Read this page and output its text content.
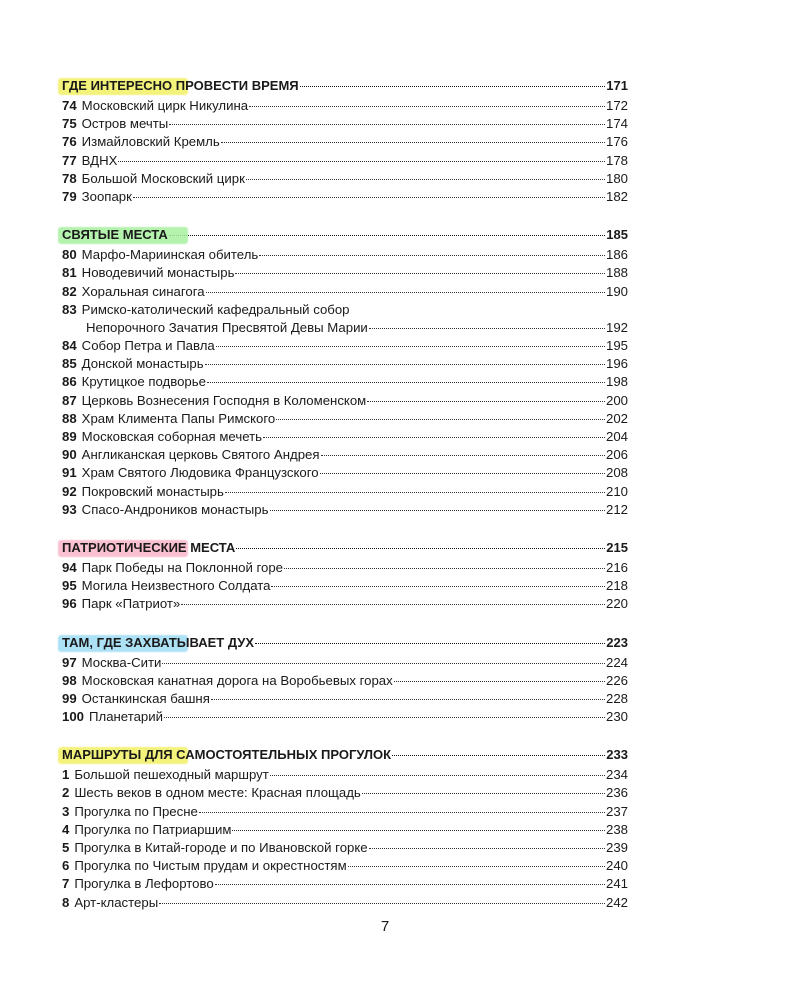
ГДЕ ИНТЕРЕСНО ПРОВЕСТИ ВРЕМЯ	171
74 Московский цирк Никулина	172
75 Остров мечты	174
76 Измайловский Кремль	176
77 ВДНХ	178
78 Большой Московский цирк	180
79 Зоопарк	182
СВЯТЫЕ МЕСТА	185
80 Марфо-Мариинская обитель	186
81 Новодевичий монастырь	188
82 Хоральная синагога	190
83 Римско-католический кафедральный собор
Непорочного Зачатия Пресвятой Девы Марии	192
84 Собор Петра и Павла	195
85 Донской монастырь	196
86 Крутицкое подворье	198
87 Церковь Вознесения Господня в Коломенском	200
88 Храм Климента Папы Римского	202
89 Московская соборная мечеть	204
90 Англиканская церковь Святого Андрея	206
91 Храм Святого Людовика Французского	208
92 Покровский монастырь	210
93 Спасо-Андроников монастырь	212
ПАТРИОТИЧЕСКИЕ МЕСТА	215
94 Парк Победы на Поклонной горе	216
95 Могила Неизвестного Солдата	218
96 Парк «Патриот»	220
ТАМ, ГДЕ ЗАХВАТЫВАЕТ ДУХ	223
97 Москва-Сити	224
98 Московская канатная дорога на Воробьевых горах	226
99 Останкинская башня	228
100 Планетарий	230
МАРШРУТЫ ДЛЯ САМОСТОЯТЕЛЬНЫХ ПРОГУЛОК	233
1 Большой пешеходный маршрут	234
2 Шесть веков в одном месте: Красная площадь	236
3 Прогулка по Пресне	237
4 Прогулка по Патриаршим	238
5 Прогулка в Китай-городе и по Ивановской горке	239
6 Прогулка по Чистым прудам и окрестностям	240
7 Прогулка в Лефортово	241
8 Арт-кластеры	242
7
